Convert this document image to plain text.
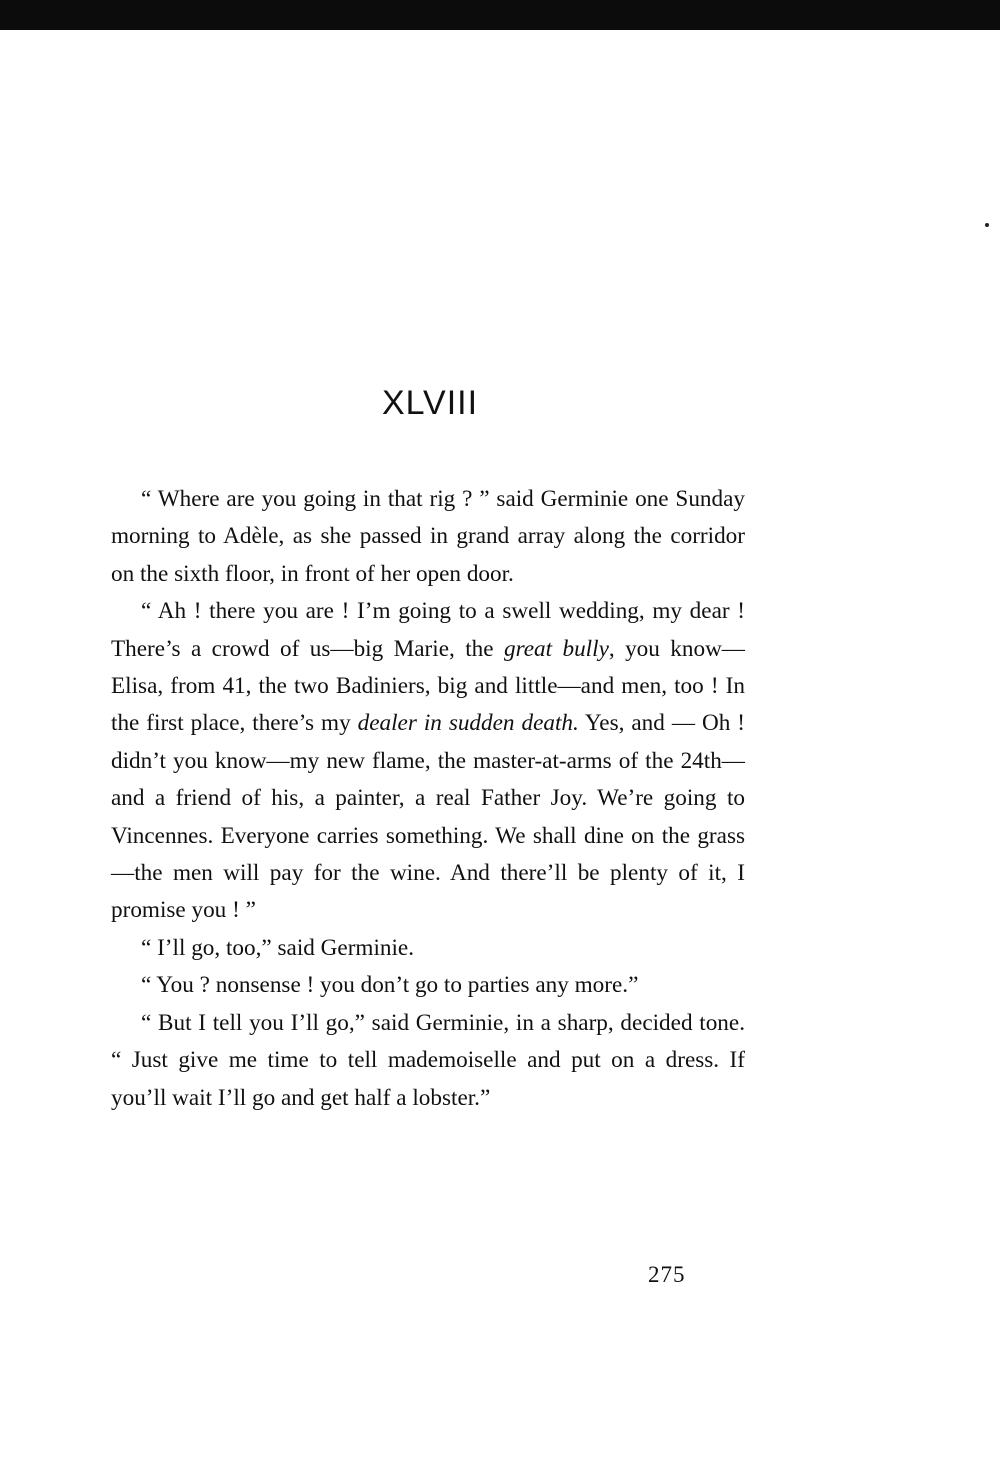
XLVIII

“ Where are you going in that rig ? ” said Germinie one Sunday morning to Adèle, as she passed in grand array along the corridor on the sixth floor, in front of her open door.

“ Ah ! there you are ! I’m going to a swell wedding, my dear ! There’s a crowd of us—big Marie, the great bully, you know—Elisa, from 41, the two Badiniers, big and little—and men, too ! In the first place, there’s my dealer in sudden death. Yes, and — Oh ! didn’t you know—my new flame, the master-at-arms of the 24th—and a friend of his, a painter, a real Father Joy. We’re going to Vincennes. Everyone carries something. We shall dine on the grass—the men will pay for the wine. And there’ll be plenty of it, I promise you ! ”

“ I’ll go, too,” said Germinie.

“ You ? nonsense ! you don’t go to parties any more.”

“ But I tell you I’ll go,” said Germinie, in a sharp, decided tone. “ Just give me time to tell mademoiselle and put on a dress. If you’ll wait I’ll go and get half a lobster.”

275
